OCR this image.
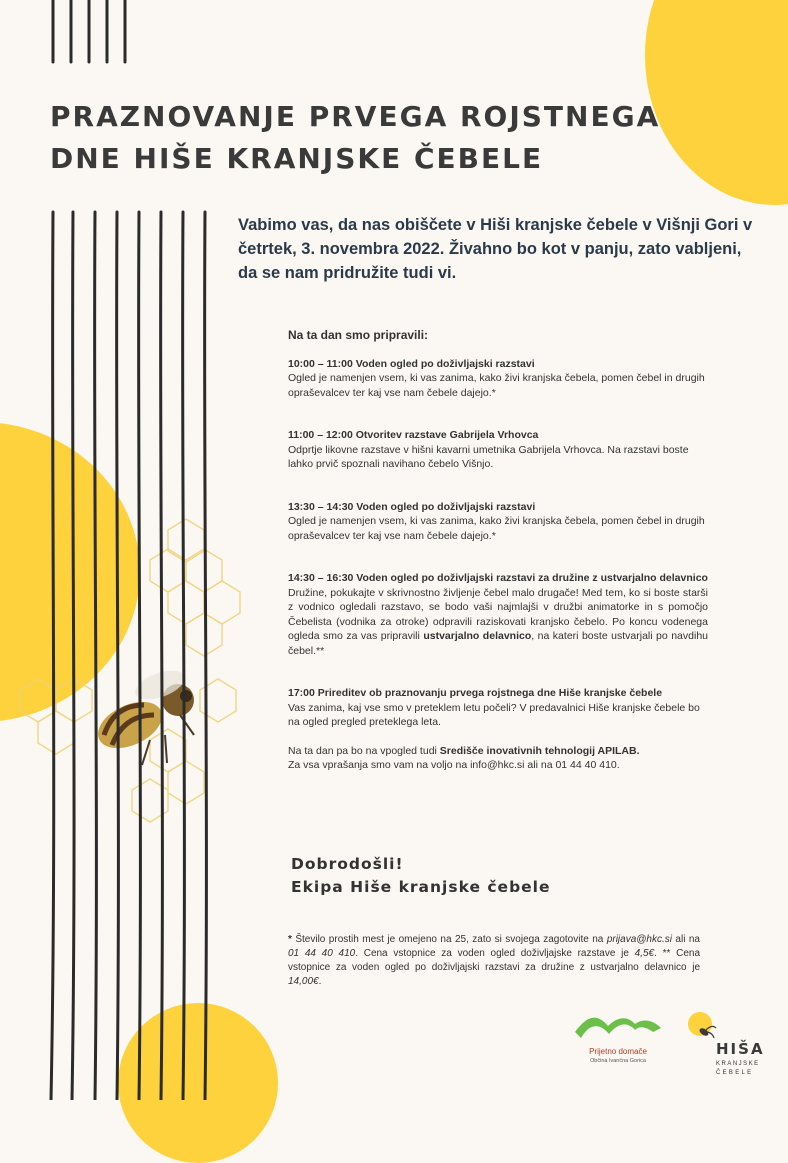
PRAZNOVANJE PRVEGA ROJSTNEGA
DNE HIŠE KRANJSKE ČEBELE

Vabimo vas, da nas obiščete v Hiši kranjske čebele v Višnji Gori v četrtek, 3. novembra 2022. Živahno bo kot v panju, zato vabljeni, da se nam pridružite tudi vi.

Na ta dan smo pripravili:

10:00 – 11:00 Voden ogled po doživljajski razstavi

Ogled je namenjen vsem, ki vas zanima, kako živi kranjska čebela, pomen čebel in drugih opraševalcev ter kaj vse nam čebele dajejo.*

11:00 – 12:00 Otvoritev razstave Gabrijela Vrhovca

Odprtje likovne razstave v hišni kavarni umetnika Gabrijela Vrhovca. Na razstavi boste lahko prvič spoznali navihano čebelo Višnjo.

13:30 – 14:30 Voden ogled po doživljajski razstavi

Ogled je namenjen vsem, ki vas zanima, kako živi kranjska čebela, pomen čebel in drugih opraševalcev ter kaj vse nam čebele dajejo.*

14:30 – 16:30 Voden ogled po doživljajski razstavi za družine z ustvarjalno delavnico

Družine, pokukajte v skrivnostno življenje čebel malo drugače! Med tem, ko si boste starši z vodnico ogledali razstavo, se bodo vaši najmlajši v družbi animatorke in s pomočjo Čebelista (vodnika za otroke) odpravili raziskovati kranjsko čebelo. Po koncu vodenega ogleda smo za vas pripravili ustvarjalno delavnico, na kateri boste ustvarjali po navdihu čebel.**

17:00 Prireditev ob praznovanju prvega rojstnega dne Hiše kranjske čebele

Vas zanima, kaj vse smo v preteklem letu počeli? V predavalnici Hiše kranjske čebele bo na ogled pregled preteklega leta.

Na ta dan pa bo na vpogled tudi Središče inovativnih tehnologij APILAB.

Za vsa vprašanja smo vam na voljo na info@hkc.si ali na 01 44 40 410.

Dobrodošli!

Ekipa Hiše kranjske čebele

* Število prostih mest je omejeno na 25, zato si svojega zagotovite na prijava@hkc.si ali na 01 44 40 410. Cena vstopnice za voden ogled doživljajske razstave je 4,5€. ** Cena vstopnice za voden ogled po doživljajski razstavi za družine z ustvarjalno delavnico je 14,00€.

Prijetno domače
Občina Ivančna Gorica
HIŠA
KRANJSKE
ČEBELE
